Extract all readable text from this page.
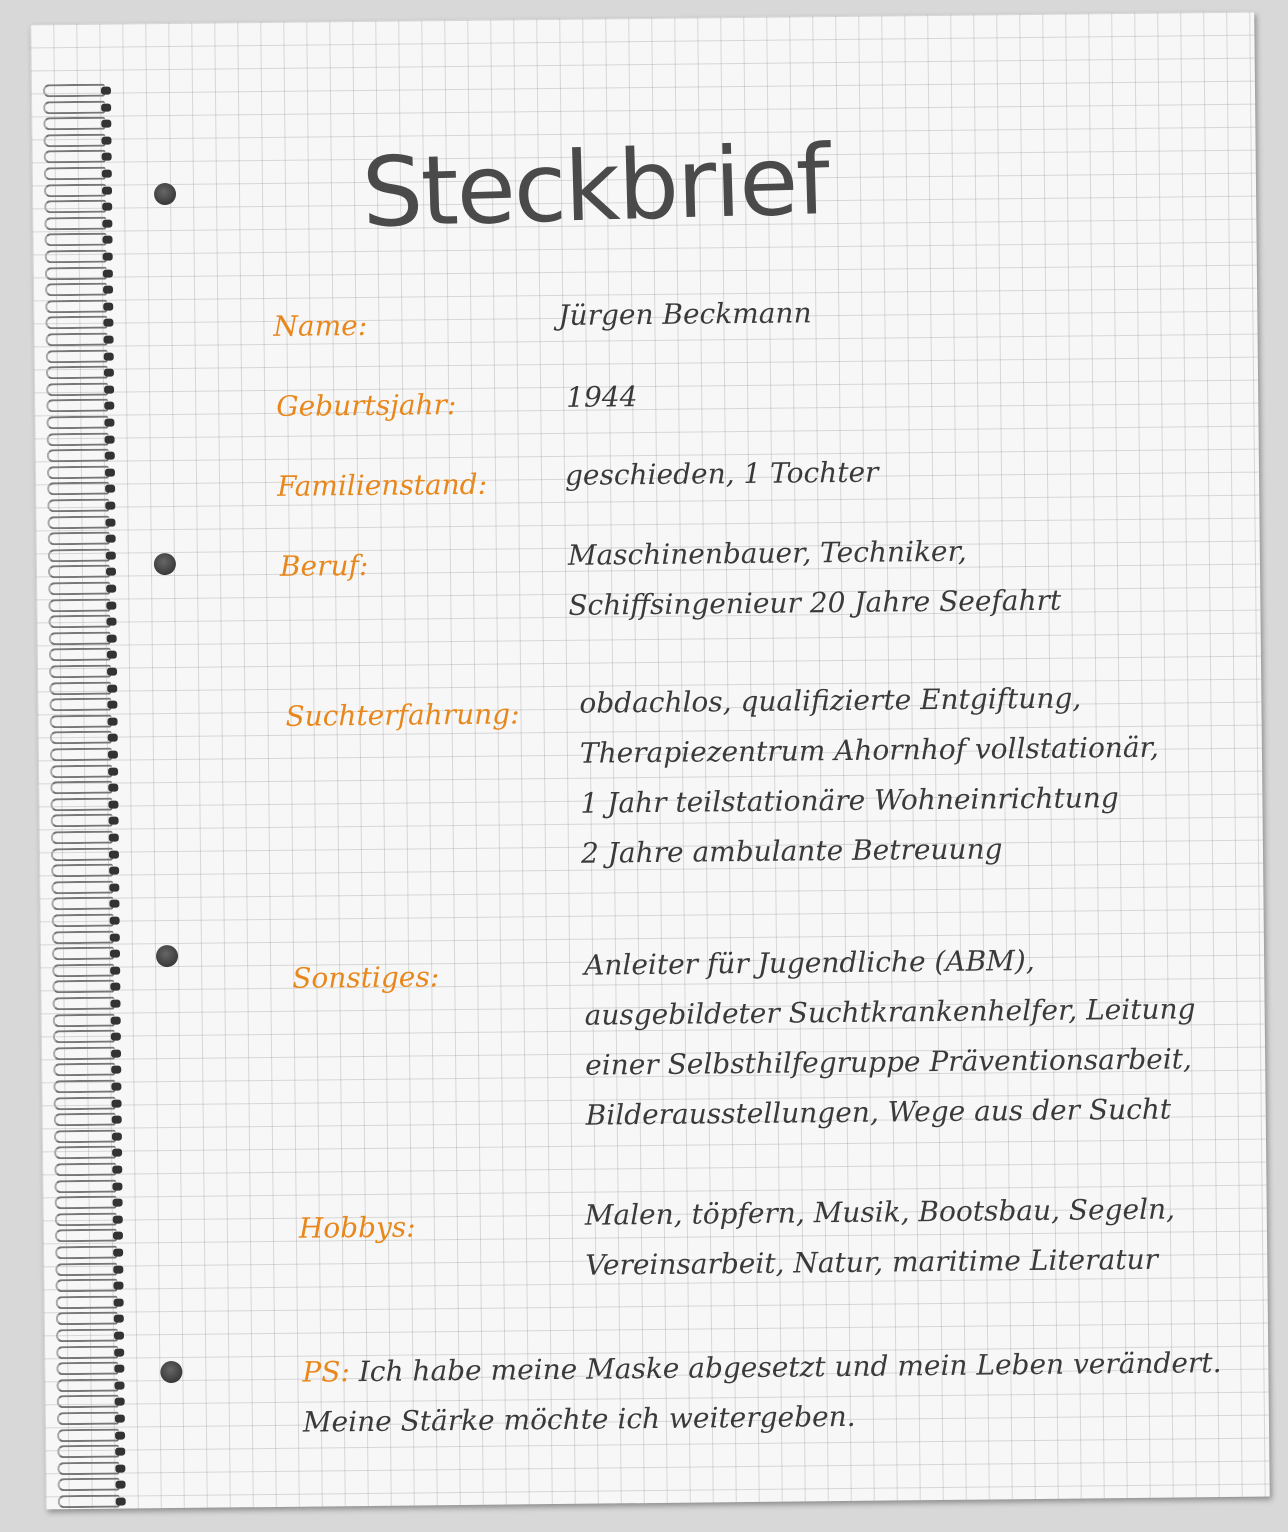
Steckbrief
Name:	Jürgen Beckmann
Geburtsjahr:	1944
Familienstand:	geschieden, 1 Tochter
Beruf:	Maschinenbauer, Techniker,
Schiffsingenieur 20 Jahre Seefahrt
Suchterfahrung: obdachlos, qualifizierte Entgiftung,
Therapiezentrum Ahornhof vollstationär,
1 Jahr teilstationäre Wohneinrichtung
2 Jahre ambulante Betreuung
Sonstiges:	Anleiter für Jugendliche (ABM),
ausgebildeter Suchtkrankenhelfer, Leitung
einer Selbsthilfegruppe Präventionsarbeit,
Bilderausstellungen, Wege aus der Sucht
Hobbys:	Malen, töpfern, Musik, Bootsbau, Segeln,
Vereinsarbeit, Natur, maritime Literatur
PS: Ich habe meine Maske abgesetzt und mein Leben verändert.
Meine Stärke möchte ich weitergeben.
